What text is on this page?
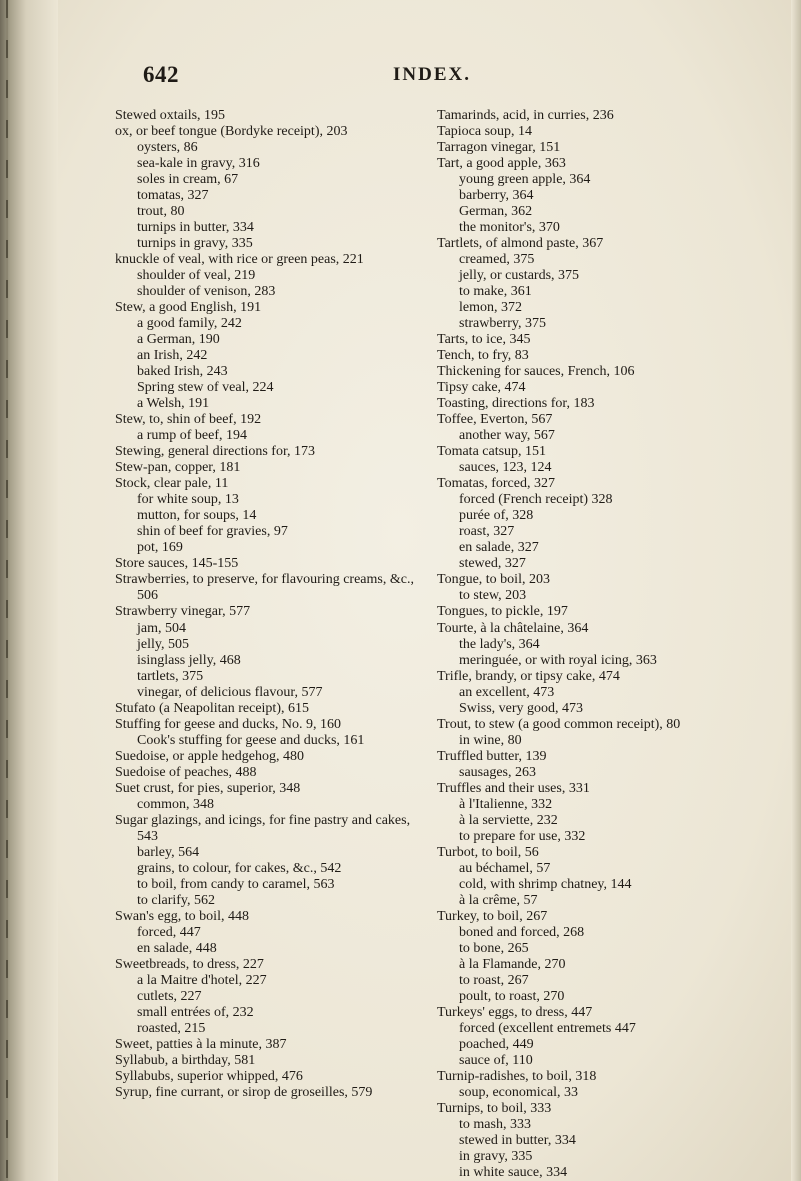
642	INDEX.
Stewed oxtails, 195
ox, or beef tongue (Bordyke receipt), 203
oysters, 86
sea-kale in gravy, 316
soles in cream, 67
tomatas, 327
trout, 80
turnips in butter, 334
turnips in gravy, 335
knuckle of veal, with rice or green peas, 221
shoulder of veal, 219
shoulder of venison, 283
Stew, a good English, 191
a good family, 242
a German, 190
an Irish, 242
baked Irish, 243
Spring stew of veal, 224
a Welsh, 191
Stew, to, shin of beef, 192
a rump of beef, 194
Stewing, general directions for, 173
Stew-pan, copper, 181
Stock, clear pale, 11
for white soup, 13
mutton, for soups, 14
shin of beef for gravies, 97
pot, 169
Store sauces, 145-155
Strawberries, to preserve, for flavouring creams, &c., 506
Strawberry vinegar, 577
jam, 504
jelly, 505
isinglass jelly, 468
tartlets, 375
vinegar, of delicious flavour, 577
Stufato (a Neapolitan receipt), 615
Stuffing for geese and ducks, No. 9, 160
Cook's stuffing for geese and ducks, 161
Suedoise, or apple hedgehog, 480
Suedoise of peaches, 488
Suet crust, for pies, superior, 348
common, 348
Sugar glazings, and icings, for fine pastry and cakes, 543
barley, 564
grains, to colour, for cakes, &c., 542
to boil, from candy to caramel, 563
to clarify, 562
Swan's egg, to boil, 448
forced, 447
en salade, 448
Sweetbreads, to dress, 227
a la Maitre d'hotel, 227
cutlets, 227
small entrées of, 232
roasted, 215
Sweet, patties à la minute, 387
Syllabub, a birthday, 581
Syllabubs, superior whipped, 476
Syrup, fine currant, or sirop de groseilles, 579
Tamarinds, acid, in curries, 236
Tapioca soup, 14
Tarragon vinegar, 151
Tart, a good apple, 363
young green apple, 364
barberry, 364
German, 362
the monitor's, 370
Tartlets, of almond paste, 367
creamed, 375
jelly, or custards, 375
to make, 361
lemon, 372
strawberry, 375
Tarts, to ice, 345
Tench, to fry, 83
Thickening for sauces, French, 106
Tipsy cake, 474
Toasting, directions for, 183
Toffee, Everton, 567
another way, 567
Tomata catsup, 151
sauces, 123, 124
Tomatas, forced, 327
forced (French receipt) 328
purée of, 328
roast, 327
en salade, 327
stewed, 327
Tongue, to boil, 203
to stew, 203
Tongues, to pickle, 197
Tourte, à la châtelaine, 364
the lady's, 364
meringuée, or with royal icing, 363
Trifle, brandy, or tipsy cake, 474
an excellent, 473
Swiss, very good, 473
Trout, to stew (a good common receipt), 80
in wine, 80
Truffled butter, 139
sausages, 263
Truffles and their uses, 331
à l'Italienne, 332
à la serviette, 232
to prepare for use, 332
Turbot, to boil, 56
au béchamel, 57
cold, with shrimp chatney, 144
à la crême, 57
Turkey, to boil, 267
boned and forced, 268
to bone, 265
à la Flamande, 270
to roast, 267
poult, to roast, 270
Turkeys' eggs, to dress, 447
forced (excellent entremets 447
poached, 449
sauce of, 110
Turnip-radishes, to boil, 318
soup, economical, 33
Turnips, to boil, 333
to mash, 333
stewed in butter, 334
in gravy, 335
in white sauce, 334
